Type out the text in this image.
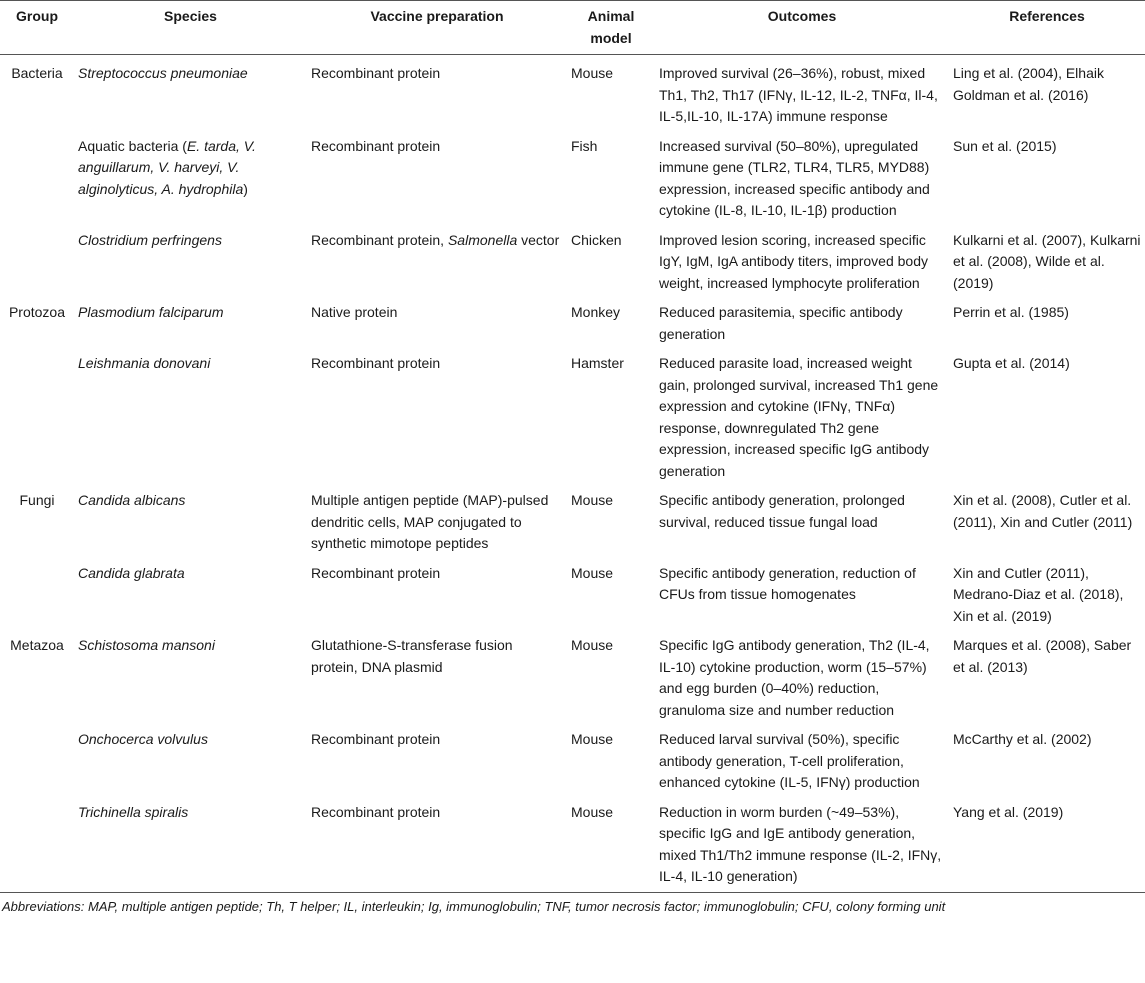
Group	Species	Vaccine preparation	Animal model	Outcomes	References
Bacteria	Streptococcus pneumoniae	Recombinant protein	Mouse	Improved survival (26–36%), robust, mixed Th1, Th2, Th17 (IFNγ, IL-12, IL-2, TNFα, Il-4, IL-5,IL-10, IL-17A) immune response	Ling et al. (2004), Elhaik Goldman et al. (2016)
	Aquatic bacteria (E. tarda, V. anguillarum, V. harveyi, V. alginolyticus, A. hydrophila)	Recombinant protein	Fish	Increased survival (50–80%), upregulated immune gene (TLR2, TLR4, TLR5, MYD88) expression, increased specific antibody and cytokine (IL-8, IL-10, IL-1β) production	Sun et al. (2015)
	Clostridium perfringens	Recombinant protein, Salmonella vector	Chicken	Improved lesion scoring, increased specific IgY, IgM, IgA antibody titers, improved body weight, increased lymphocyte proliferation	Kulkarni et al. (2007), Kulkarni et al. (2008), Wilde et al. (2019)
Protozoa	Plasmodium falciparum	Native protein	Monkey	Reduced parasitemia, specific antibody generation	Perrin et al. (1985)
	Leishmania donovani	Recombinant protein	Hamster	Reduced parasite load, increased weight gain, prolonged survival, increased Th1 gene expression and cytokine (IFNγ, TNFα) response, downregulated Th2 gene expression, increased specific IgG antibody generation	Gupta et al. (2014)
Fungi	Candida albicans	Multiple antigen peptide (MAP)-pulsed dendritic cells, MAP conjugated to synthetic mimotope peptides	Mouse	Specific antibody generation, prolonged survival, reduced tissue fungal load	Xin et al. (2008), Cutler et al. (2011), Xin and Cutler (2011)
	Candida glabrata	Recombinant protein	Mouse	Specific antibody generation, reduction of CFUs from tissue homogenates	Xin and Cutler (2011), Medrano-Diaz et al. (2018), Xin et al. (2019)
Metazoa	Schistosoma mansoni	Glutathione-S-transferase fusion protein, DNA plasmid	Mouse	Specific IgG antibody generation, Th2 (IL-4, IL-10) cytokine production, worm (15–57%) and egg burden (0–40%) reduction, granuloma size and number reduction	Marques et al. (2008), Saber et al. (2013)
	Onchocerca volvulus	Recombinant protein	Mouse	Reduced larval survival (50%), specific antibody generation, T-cell proliferation, enhanced cytokine (IL-5, IFNγ) production	McCarthy et al. (2002)
	Trichinella spiralis	Recombinant protein	Mouse	Reduction in worm burden (~49–53%), specific IgG and IgE antibody generation, mixed Th1/Th2 immune response (IL-2, IFNγ, IL-4, IL-10 generation)	Yang et al. (2019)
Abbreviations: MAP, multiple antigen peptide; Th, T helper; IL, interleukin; Ig, immunoglobulin; TNF, tumor necrosis factor; immunoglobulin; CFU, colony forming unit
